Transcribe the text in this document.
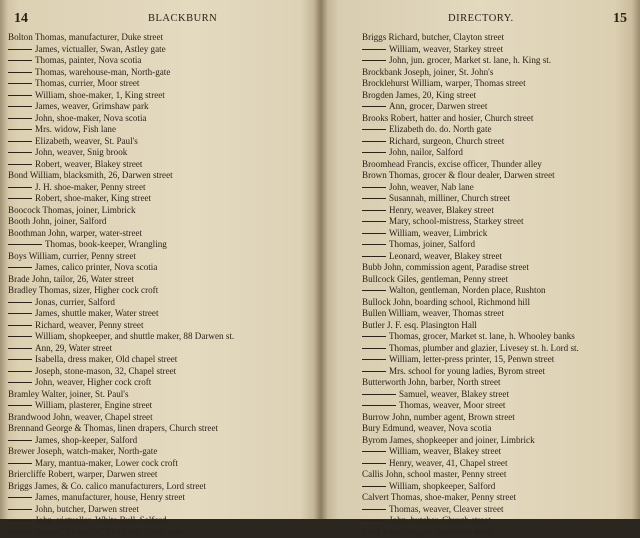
14	BLACKBURN
Bolton Thomas, manufacturer, Duke street
James, victualler, Swan, Astley gate
Thomas, painter, Nova scotia
Thomas, warehouse-man, North-gate
Thomas, currier, Moor street
William, shoe-maker, 1, King street
James, weaver, Grimshaw park
John, shoe-maker, Nova scotia
Mrs. widow, Fish lane
Elizabeth, weaver, St. Paul's
John, weaver, Snig brook
Robert, weaver, Blakey street
Bond William, blacksmith, 26, Darwen street
J. H. shoe-maker, Penny street
Robert, shoe-maker, King street
Boocock Thomas, joiner, Limbrick
Booth John, joiner, Salford
Boothman John, warper, water-street
Thomas, book-keeper, Wrangling
Boys William, currier, Penny street
James, calico printer, Nova scotia
Brade John, tailor, 26, Water street
Bradley Thomas, sizer, Higher cock croft
Jonas, currier, Salford
James, shuttle maker, Water street
Richard, weaver, Penny street
William, shopkeeper, and shuttle maker, 88 Darwen st.
Ann, 29, Water street
Isabella, dress maker, Old chapel street
Joseph, stone-mason, 32, Chapel street
John, weaver, Higher cock croft
Bramley Walter, joiner, St. Paul's
William, plasterer, Engine street
Brandwood John, weaver, Chapel street
Brennand George & Thomas, linen drapers, Church street
James, shop-keeper, Salford
Brewer Joseph, watch-maker, North-gate
Mary, mantua-maker, Lower cock croft
Briercliffe Robert, warper, Darwen street
Briggs James, & Co. calico manufacturers, Lord street
James, manufacturer, house, Henry street
John, butcher, Darwen street
John, victualler, White Bull, Salford
Samuel, victualler, Red Lion, North gate
DIRECTORY.	15
Briggs Richard, butcher, Clayton street
William, weaver, Starkey street
John, jun. grocer, Market st. lane, h. King st.
Brockbank Joseph, joiner, St. John's
Brocklehurst William, warper, Thomas street
Brogden James, 20, King street
Ann, grocer, Darwen street
Brooks Robert, hatter and hosier, Church street
Elizabeth do. do. North gate
Richard, surgeon, Church street
John, nailor, Salford
Broomhead Francis, excise officer, Thunder alley
Brown Thomas, grocer & flour dealer, Darwen street
John, weaver, Nab lane
Susannah, milliner, Church street
Henry, weaver, Blakey street
Mary, school-mistress, Starkey street
William, weaver, Limbrick
Thomas, joiner, Salford
Leonard, weaver, Blakey street
Bubb John, commission agent, Paradise street
Bullcock Giles, gentleman, Penny street
Walton, gentleman, Norden place, Rushton
Bullock John, boarding school, Richmond hill
Bullen William, weaver, Thomas street
Butler J. F. esq. Plasington Hall
Thomas, grocer, Market st. lane, h. Whooley banks
Thomas, plumber and glazier, Livesey st. h. Lord st.
William, letter-press printer, 15, Penwn street
Mrs. school for young ladies, Byrom street
Butterworth John, barber, North street
Samuel, weaver, Blakey street
Thomas, weaver, Moor street
Burrow John, number agent, Brown street
Bury Edmund, weaver, Nova scotia
Byrom James, shopkeeper and joiner, Limbrick
William, weaver, Blakey street
Henry, weaver, 41, Chapel street
Callis John, school master, Penny street
William, shopkeeper, Salford
Calvert Thomas, shoe-maker, Penny street
Thomas, weaver, Cleaver street
John, butcher, Church street
Card John, clogger, Bradshaw street
